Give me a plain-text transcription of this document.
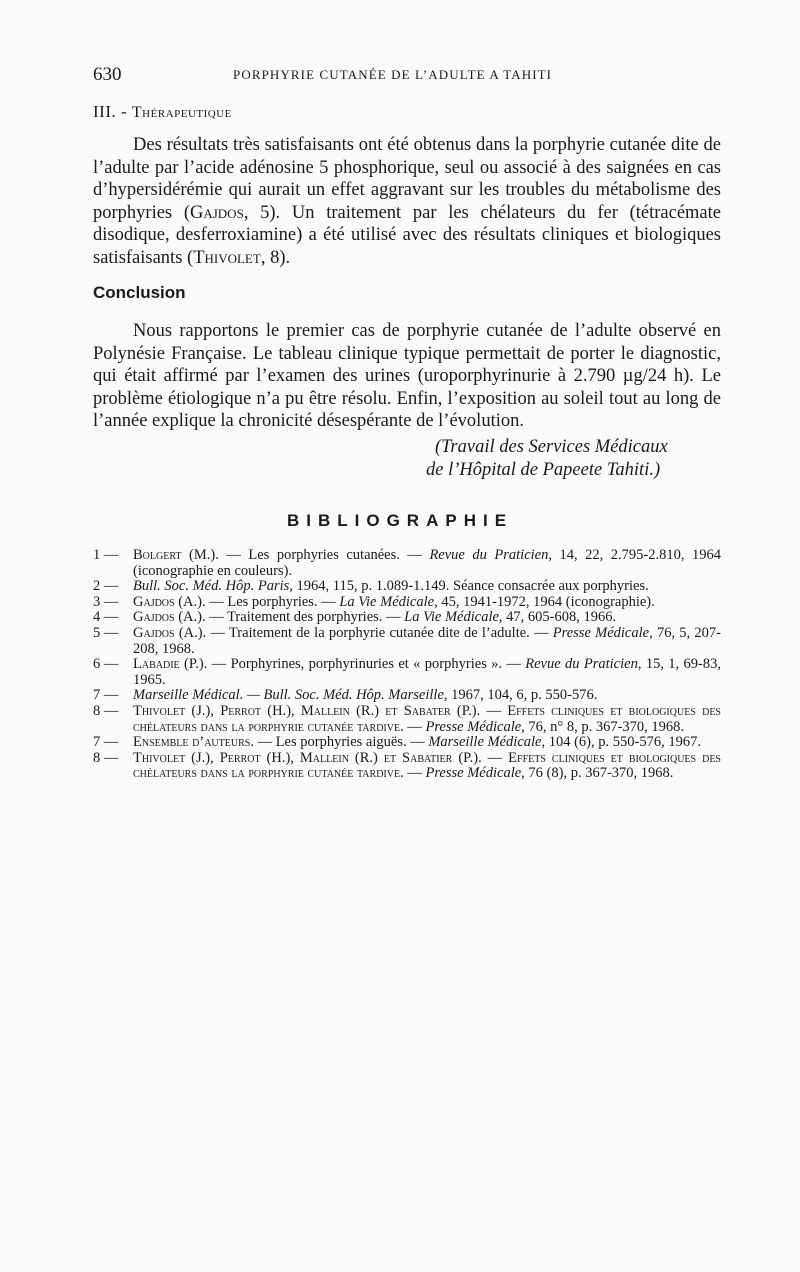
630	PORPHYRIE CUTANÉE DE L’ADULTE A TAHITI
III. - Thérapeutique
Des résultats très satisfaisants ont été obtenus dans la porphyrie cutanée dite de l’adulte par l’acide adénosine 5 phosphorique, seul ou associé à des saignées en cas d’hypersidérémie qui aurait un effet aggravant sur les troubles du métabolisme des porphyries (Gajdos, 5). Un traitement par les chélateurs du fer (tétracémate disodique, desferroxiamine) a été utilisé avec des résultats cliniques et biologiques satisfaisants (Thivolet, 8).
Conclusion
Nous rapportons le premier cas de porphyrie cutanée de l’adulte observé en Polynésie Française. Le tableau clinique typique permettait de porter le diagnostic, qui était affirmé par l’examen des urines (uroporphyrinurie à 2.790 µg/24 h). Le problème étiologique n’a pu être résolu. Enfin, l’exposition au soleil tout au long de l’année explique la chronicité désespérante de l’évolution.
(Travail des Services Médicaux
de l’Hôpital de Papeete Tahiti.)
BIBLIOGRAPHIE
1 —	Bolgert (M.). — Les porphyries cutanées. — Revue du Praticien, 14, 22, 2.795-2.810, 1964 (iconographie en couleurs).
2 —	Bull. Soc. Méd. Hôp. Paris, 1964, 115, p. 1.089-1.149. Séance consacrée aux porphyries.
3 —	Gajdos (A.). — Les porphyries. — La Vie Médicale, 45, 1941-1972, 1964 (iconographie).
4 —	Gajdos (A.). — Traitement des porphyries. — La Vie Médicale, 47, 605-608, 1966.
5 —	Gajdos (A.). — Traitement de la porphyrie cutanée dite de l’adulte. — Presse Médicale, 76, 5, 207-208, 1968.
6 —	Labadie (P.). — Porphyrines, porphyrinuries et « porphyries ». — Revue du Praticien, 15, 1, 69-83, 1965.
7 —	Marseille Médical. — Bull. Soc. Méd. Hôp. Marseille, 1967, 104, 6, p. 550-576.
8 —	Thivolet (J.), Perrot (H.), Mallein (R.) et Sabater (P.). — Effets cliniques et biologiques des chélateurs dans la porphyrie cutanée tardive. — Presse Médicale, 76, n° 8, p. 367-370, 1968.
7 —	Ensemble d’auteurs. — Les porphyries aiguës. — Marseille Médicale, 104 (6), p. 550-576, 1967.
8 —	Thivolet (J.), Perrot (H.), Mallein (R.) et Sabatier (P.). — Effets cliniques et biologiques des chélateurs dans la porphyrie cutanée tardive. — Presse Médicale, 76 (8), p. 367-370, 1968.
